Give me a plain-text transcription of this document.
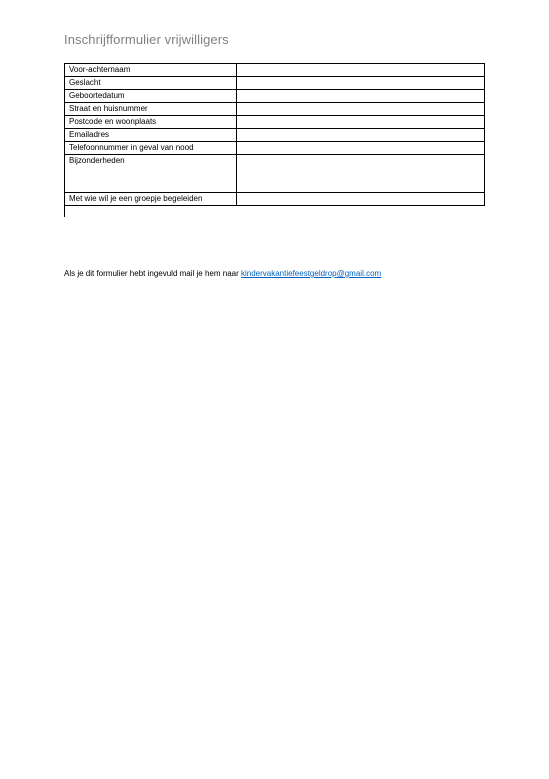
Inschrijfformulier vrijwilligers
Voor-achternaam	
Geslacht	
Geboortedatum	
Straat en huisnummer	
Postcode en woonplaats	
Emailadres	
Telefoonnummer in geval van nood	
Bijzonderheden	
Met wie wil je een groepje begeleiden	
Als je dit formulier hebt ingevuld mail je hem naar kindervakantiefeestgeldrop@gmail.com
